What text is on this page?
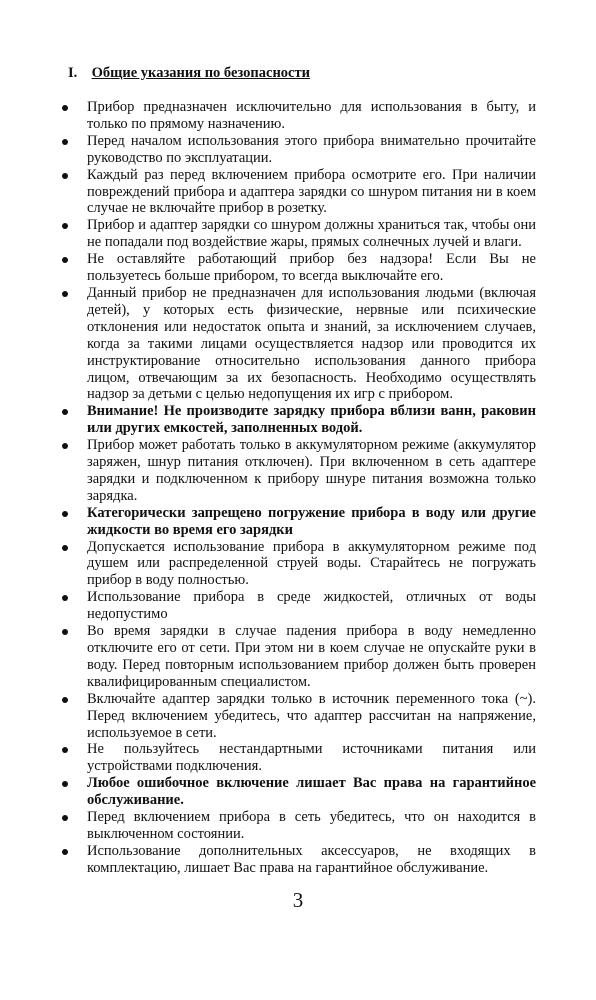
I. Общие указания по безопасности
Прибор предназначен исключительно для использования в быту, и только по прямому назначению.
Перед началом использования этого прибора внимательно прочитайте руководство по эксплуатации.
Каждый раз перед включением прибора осмотрите его. При наличии повреждений прибора и адаптера зарядки со шнуром питания ни в коем случае не включайте прибор в розетку.
Прибор и адаптер зарядки со шнуром должны храниться так, чтобы они не попадали под воздействие жары, прямых солнечных лучей и влаги.
Не оставляйте работающий прибор без надзора! Если Вы не пользуетесь больше прибором, то всегда выключайте его.
Данный прибор не предназначен для использования людьми (включая детей), у которых есть физические, нервные или психические отклонения или недостаток опыта и знаний, за исключением случаев, когда за такими лицами осуществляется надзор или проводится их инструктирование относительно использования данного прибора лицом, отвечающим за их безопасность. Необходимо осуществлять надзор за детьми с целью недопущения их игр с прибором.
Внимание! Не производите зарядку прибора вблизи ванн, раковин или других емкостей, заполненных водой.
Прибор может работать только в аккумуляторном режиме (аккумулятор заряжен, шнур питания отключен). При включенном в сеть адаптере зарядки и подключенном к прибору шнуре питания возможна только зарядка.
Категорически запрещено погружение прибора в воду или другие жидкости во время его зарядки
Допускается использование прибора в аккумуляторном режиме под душем или распределенной струей воды. Старайтесь не погружать прибор в воду полностью.
Использование прибора в среде жидкостей, отличных от воды недопустимо
Во время зарядки в случае падения прибора в воду немедленно отключите его от сети. При этом ни в коем случае не опускайте руки в воду. Перед повторным использованием прибор должен быть проверен квалифицированным специалистом.
Включайте адаптер зарядки только в источник переменного тока (~). Перед включением убедитесь, что адаптер рассчитан на напряжение, используемое в сети.
Не пользуйтесь нестандартными источниками питания или устройствами подключения.
Любое ошибочное включение лишает Вас права на гарантийное обслуживание.
Перед включением прибора в сеть убедитесь, что он находится в выключенном состоянии.
Использование дополнительных аксессуаров, не входящих в комплектацию, лишает Вас права на гарантийное обслуживание.
3
